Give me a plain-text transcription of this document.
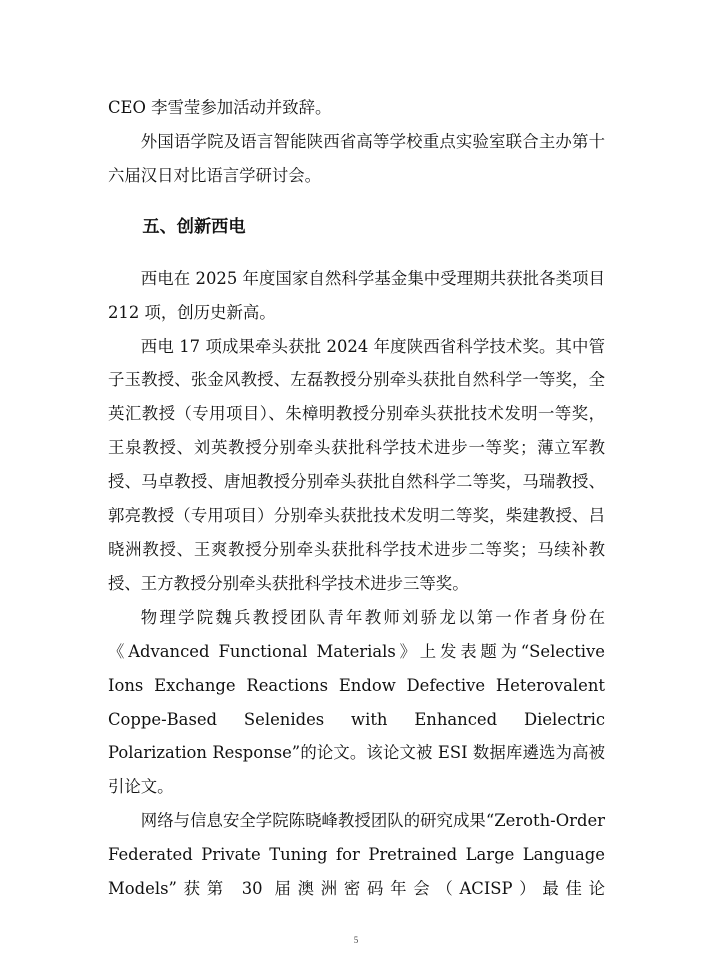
CEO 李雪莹参加活动并致辞。

外国语学院及语言智能陕西省高等学校重点实验室联合主办第十六届汉日对比语言学研讨会。

五、创新西电

西电在 2025 年度国家自然科学基金集中受理期共获批各类项目 212 项，创历史新高。

西电 17 项成果牵头获批 2024 年度陕西省科学技术奖。其中管子玉教授、张金风教授、左磊教授分别牵头获批自然科学一等奖，全英汇教授（专用项目）、朱樟明教授分别牵头获批技术发明一等奖，王泉教授、刘英教授分别牵头获批科学技术进步一等奖；薄立军教授、马卓教授、唐旭教授分别牵头获批自然科学二等奖，马瑞教授、郭亮教授（专用项目）分别牵头获批技术发明二等奖，柴建教授、吕晓洲教授、王爽教授分别牵头获批科学技术进步二等奖；马续补教授、王方教授分别牵头获批科学技术进步三等奖。

物理学院魏兵教授团队青年教师刘骄龙以第一作者身份在《Advanced Functional Materials》上发表题为“Selective Ions Exchange Reactions Endow Defective Heterovalent Coppe-Based Selenides with Enhanced Dielectric Polarization Response”的论文。该论文被 ESI 数据库遴选为高被引论文。

网络与信息安全学院陈晓峰教授团队的研究成果“Zeroth-Order Federated Private Tuning for Pretrained Large Language Models”获第 30 届澳洲密码年会（ACISP）最佳论

5
